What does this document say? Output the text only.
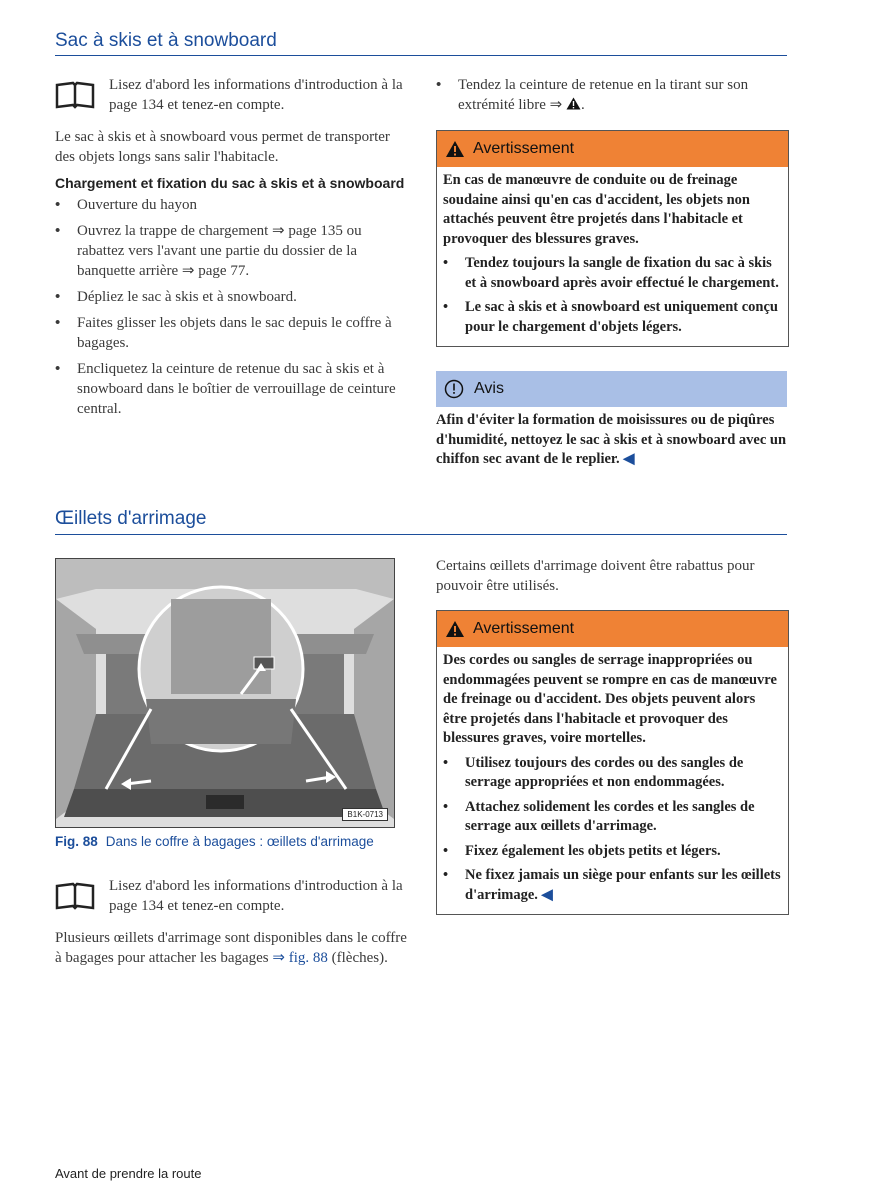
Sac à skis et à snowboard
Lisez d'abord les informations d'introduction à la page 134 et tenez-en compte.

Le sac à skis et à snowboard vous permet de transporter des objets longs sans salir l'habitacle.

Chargement et fixation du sac à skis et à snowboard
• Ouverture du hayon
• Ouvrez la trappe de chargement ⇒ page 135 ou rabattez vers l'avant une partie du dossier de la banquette arrière ⇒ page 77.
• Dépliez le sac à skis et à snowboard.
• Faites glisser les objets dans le sac depuis le coffre à bagages.
• Encliquetez la ceinture de retenue du sac à skis et à snowboard dans le boîtier de verrouillage de ceinture central.
• Tendez la ceinture de retenue en la tirant sur son extrémité libre ⇒ .
Avertissement

En cas de manœuvre de conduite ou de freinage soudaine ainsi qu'en cas d'accident, les objets non attachés peuvent être projetés dans l'habitacle et provoquer des blessures graves.

• Tendez toujours la sangle de fixation du sac à skis et à snowboard après avoir effectué le chargement.
• Le sac à skis et à snowboard est uniquement conçu pour le chargement d'objets légers.
Avis
Afin d'éviter la formation de moisissures ou de piqûres d'humidité, nettoyez le sac à skis et à snowboard avec un chiffon sec avant de le replier. ◀
Œillets d'arrimage
B1K-0713
Fig. 88 Dans le coffre à bagages : œillets d'arrimage
Lisez d'abord les informations d'introduction à la page 134 et tenez-en compte.

Plusieurs œillets d'arrimage sont disponibles dans le coffre à bagages pour attacher les bagages ⇒ fig. 88 (flèches).

Certains œillets d'arrimage doivent être rabattus pour pouvoir être utilisés.

Avertissement

Des cordes ou sangles de serrage inappropriées ou endommagées peuvent se rompre en cas de manœuvre de freinage ou d'accident. Des objets peuvent alors être projetés dans l'habitacle et provoquer des blessures graves, voire mortelles.

• Utilisez toujours des cordes ou des sangles de serrage appropriées et non endommagées.
• Attachez solidement les cordes et les sangles de serrage aux œillets d'arrimage.
• Fixez également les objets petits et légers.
• Ne fixez jamais un siège pour enfants sur les œillets d'arrimage. ◀
Avant de prendre la route
